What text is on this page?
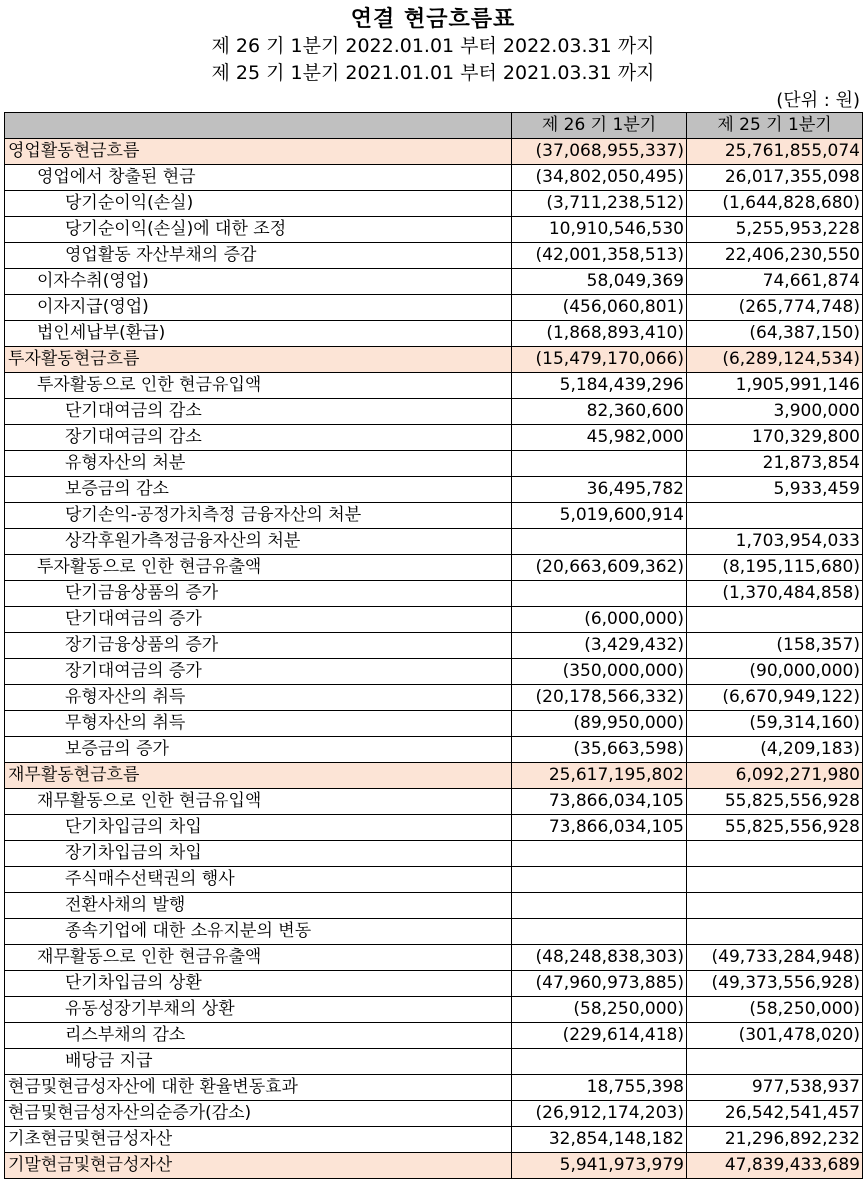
연결 현금흐름표
제 26 기 1분기 2022.01.01 부터 2022.03.31 까지
제 25 기 1분기 2021.01.01 부터 2021.03.31 까지
(단위 : 원)
	제 26 기 1분기	제 25 기 1분기
영업활동현금흐름	(37,068,955,337)	25,761,855,074
영업에서 창출된 현금	(34,802,050,495)	26,017,355,098
당기순이익(손실)	(3,711,238,512)	(1,644,828,680)
당기순이익(손실)에 대한 조정	10,910,546,530	5,255,953,228
영업활동 자산부채의 증감	(42,001,358,513)	22,406,230,550
이자수취(영업)	58,049,369	74,661,874
이자지급(영업)	(456,060,801)	(265,774,748)
법인세납부(환급)	(1,868,893,410)	(64,387,150)
투자활동현금흐름	(15,479,170,066)	(6,289,124,534)
투자활동으로 인한 현금유입액	5,184,439,296	1,905,991,146
단기대여금의 감소	82,360,600	3,900,000
장기대여금의 감소	45,982,000	170,329,800
유형자산의 처분		21,873,854
보증금의 감소	36,495,782	5,933,459
당기손익-공정가치측정 금융자산의 처분	5,019,600,914	
상각후원가측정금융자산의 처분		1,703,954,033
투자활동으로 인한 현금유출액	(20,663,609,362)	(8,195,115,680)
단기금융상품의 증가		(1,370,484,858)
단기대여금의 증가	(6,000,000)	
장기금융상품의 증가	(3,429,432)	(158,357)
장기대여금의 증가	(350,000,000)	(90,000,000)
유형자산의 취득	(20,178,566,332)	(6,670,949,122)
무형자산의 취득	(89,950,000)	(59,314,160)
보증금의 증가	(35,663,598)	(4,209,183)
재무활동현금흐름	25,617,195,802	6,092,271,980
재무활동으로 인한 현금유입액	73,866,034,105	55,825,556,928
단기차입금의 차입	73,866,034,105	55,825,556,928
장기차입금의 차입		
주식매수선택권의 행사		
전환사채의 발행		
종속기업에 대한 소유지분의 변동		
재무활동으로 인한 현금유출액	(48,248,838,303)	(49,733,284,948)
단기차입금의 상환	(47,960,973,885)	(49,373,556,928)
유동성장기부채의 상환	(58,250,000)	(58,250,000)
리스부채의 감소	(229,614,418)	(301,478,020)
배당금 지급		
현금및현금성자산에 대한 환율변동효과	18,755,398	977,538,937
현금및현금성자산의순증가(감소)	(26,912,174,203)	26,542,541,457
기초현금및현금성자산	32,854,148,182	21,296,892,232
기말현금및현금성자산	5,941,973,979	47,839,433,689
